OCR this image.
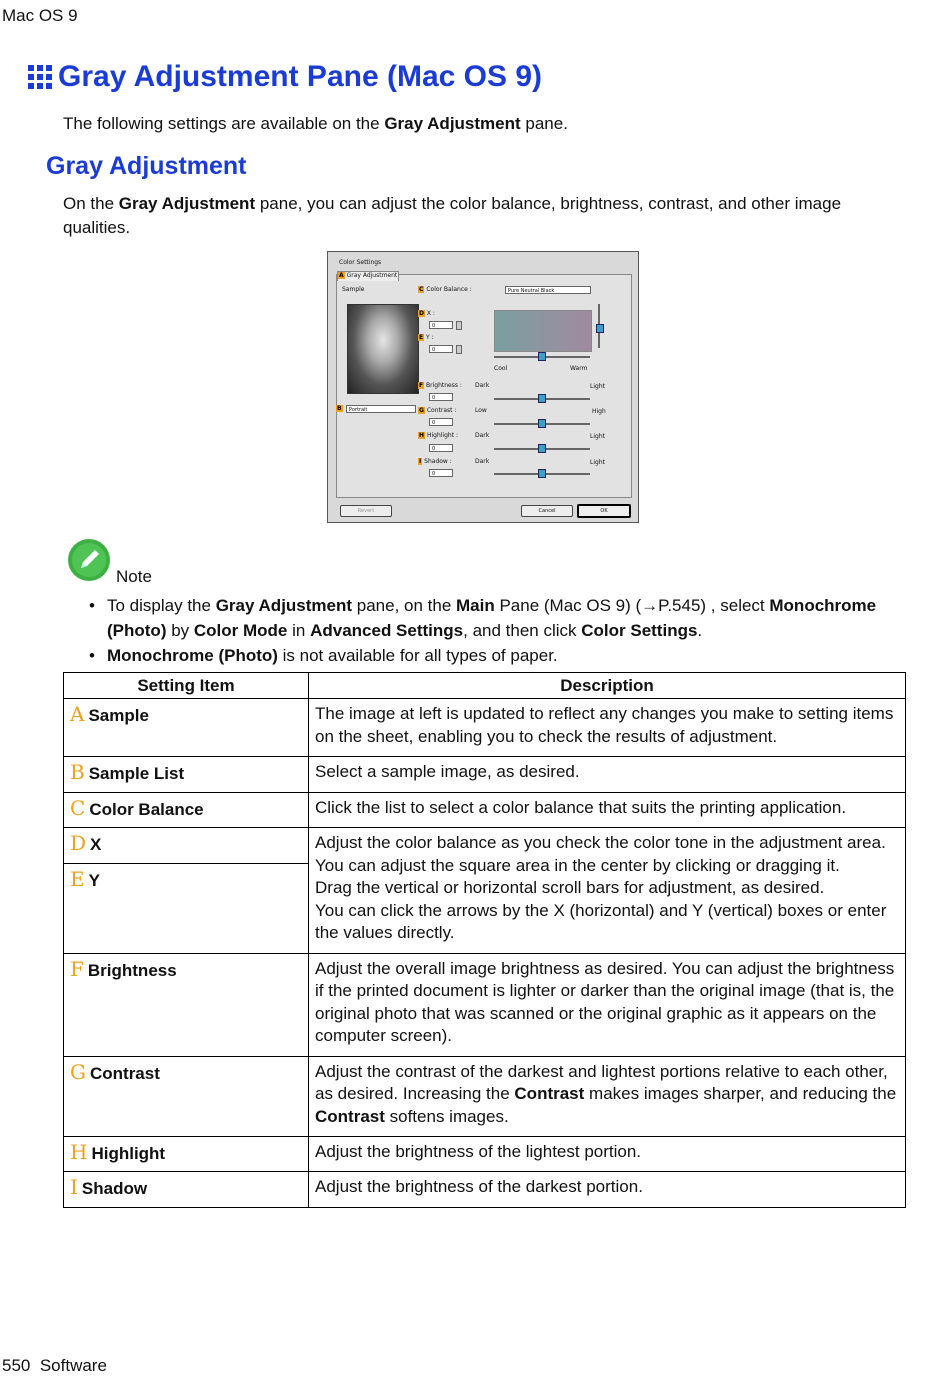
Mac OS 9
Gray Adjustment Pane (Mac OS 9)
The following settings are available on the Gray Adjustment pane.
Gray Adjustment
On the Gray Adjustment pane, you can adjust the color balance, brightness, contrast, and other image qualities.
Color Settings
A Gray Adjustment
Sample
B	Portrait
C Color Balance :	Pure Neutral Black
D X :
0
E Y :
0
Cool	Warm
F Brightness :
0
Dark	Light
G Contrast :
0
Low	High
H Highlight :
0
Dark	Light
I Shadow :
0
Dark	Light
Revert	Cancel	OK
Note
• To display the Gray Adjustment pane, on the Main Pane (Mac OS 9) (→P.545) , select Monochrome (Photo) by Color Mode in Advanced Settings, and then click Color Settings.
• Monochrome (Photo) is not available for all types of paper.
Setting Item	Description
A Sample	The image at left is updated to reflect any changes you make to setting items on the sheet, enabling you to check the results of adjustment.
B Sample List	Select a sample image, as desired.
C Color Balance	Click the list to select a color balance that suits the printing application.
D X	Adjust the color balance as you check the color tone in the adjustment area.
You can adjust the square area in the center by clicking or dragging it.
Drag the vertical or horizontal scroll bars for adjustment, as desired.
You can click the arrows by the X (horizontal) and Y (vertical) boxes or enter the values directly.

E Y	
F Brightness	Adjust the overall image brightness as desired. You can adjust the brightness if the printed document is lighter or darker than the original image (that is, the original photo that was scanned or the original graphic as it appears on the computer screen).
G Contrast	Adjust the contrast of the darkest and lightest portions relative to each other, as desired. Increasing the Contrast makes images sharper, and reducing the Contrast softens images.
H Highlight	Adjust the brightness of the lightest portion.
I Shadow	Adjust the brightness of the darkest portion.
550 Software
